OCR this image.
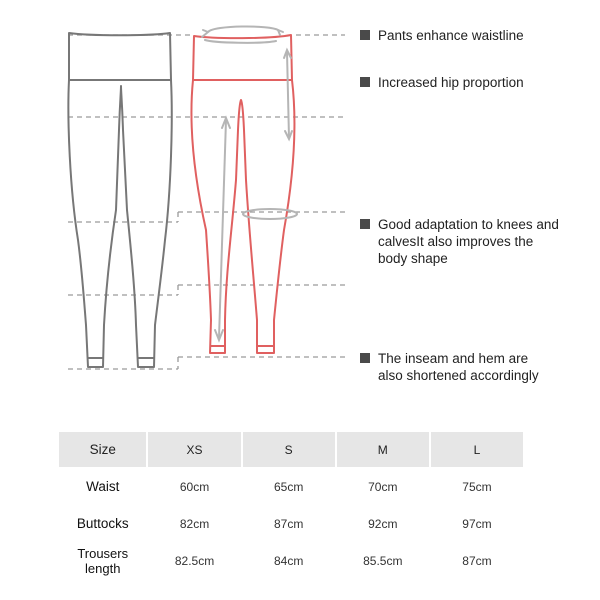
Pants enhance waistline
Increased hip proportion
Good adaptation to knees and
calvesIt also improves the
body shape
The inseam and hem are
also shortened accordingly
Size	XS	S	M	L
Waist	60cm	65cm	70cm	75cm
Buttocks	82cm	87cm	92cm	97cm
Trousers length	82.5cm	84cm	85.5cm	87cm
